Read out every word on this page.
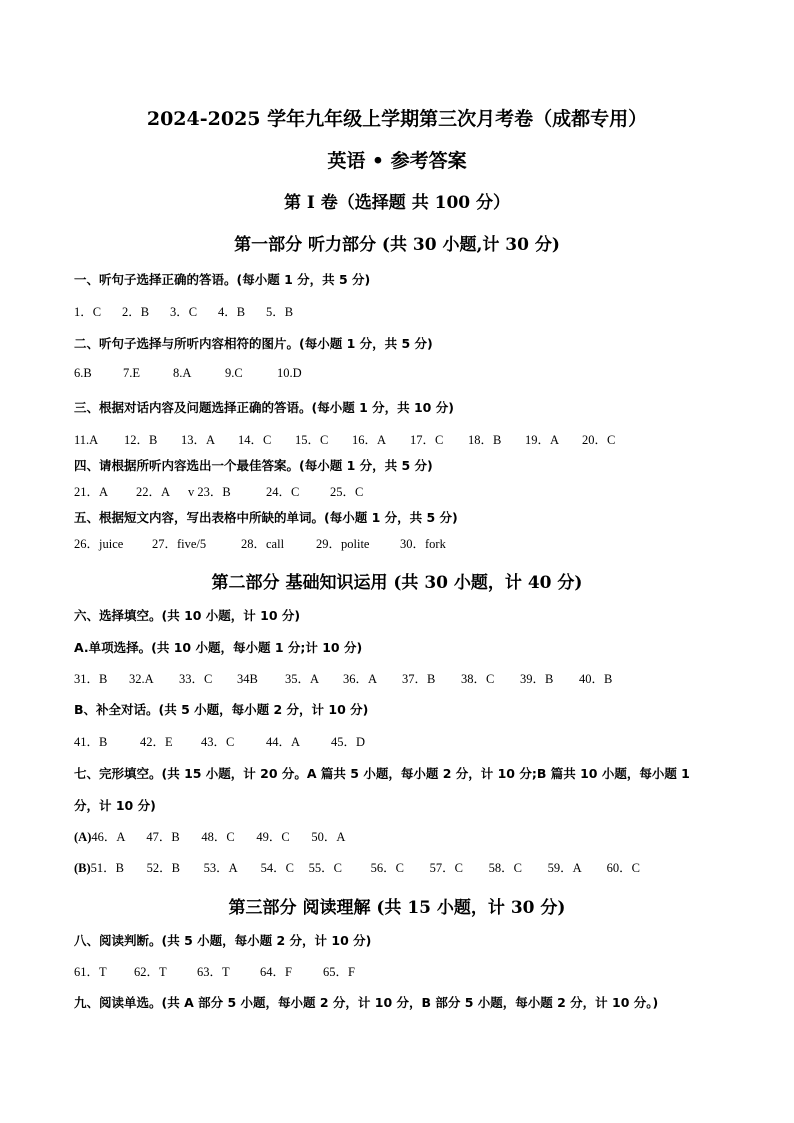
2024-2025 学年九年级上学期第三次月考卷（成都专用）
英语 • 参考答案
第 I 卷（选择题 共 100 分）
第一部分 听力部分 (共 30 小题,计 30 分)
一、听句子选择正确的答语。(每小题 1 分，共 5 分)
1．C 2．B 3．C 4．B 5．B
二、听句子选择与所听内容相符的图片。(每小题 1 分，共 5 分)
6.B	7.E	8.A	9.C	10.D
三、根据对话内容及问题选择正确的答语。(每小题 1 分，共 10 分)
11.A 12．B 13．A 14．C 15．C 16．A 17．C 18．B 19．A 20．C
四、请根据所听内容选出一个最佳答案。(每小题 1 分，共 5 分)
21．A 22．A v 23．B	24．C 25．C
五、根据短文内容，写出表格中所缺的单词。(每小题 1 分，共 5 分)
26．juice 27．five/5	28．call	29．polite 30．fork
第二部分 基础知识运用 (共 30 小题，计 40 分)
六、选择填空。(共 10 小题，计 10 分)
A.单项选择。(共 10 小题，每小题 1 分;计 10 分)
31．B 32.A 33．C 34B 35．A 36．A 37．B 38．C 39．B 40．B
B、补全对话。(共 5 小题，每小题 2 分，计 10 分)
41．B	42．E 43．C	44．A 45．D
七、完形填空。(共 15 小题，计 20 分。A 篇共 5 小题，每小题 2 分，计 10 分;B 篇共 10 小题，每小题 1
分，计 10 分)
(A)46．A 47．B 48．C 49．C 50．A
(B)51．B 52．B 53．A 54．C 55．C 56．C 57．C 58．C 59．A 60．C
第三部分 阅读理解 (共 15 小题，计 30 分)
八、阅读判断。(共 5 小题，每小题 2 分，计 10 分)
61．T 62．T 63．T 64．F 65．F
九、阅读单选。(共 A 部分 5 小题，每小题 2 分，计 10 分，B 部分 5 小题，每小题 2 分，计 10 分。)
